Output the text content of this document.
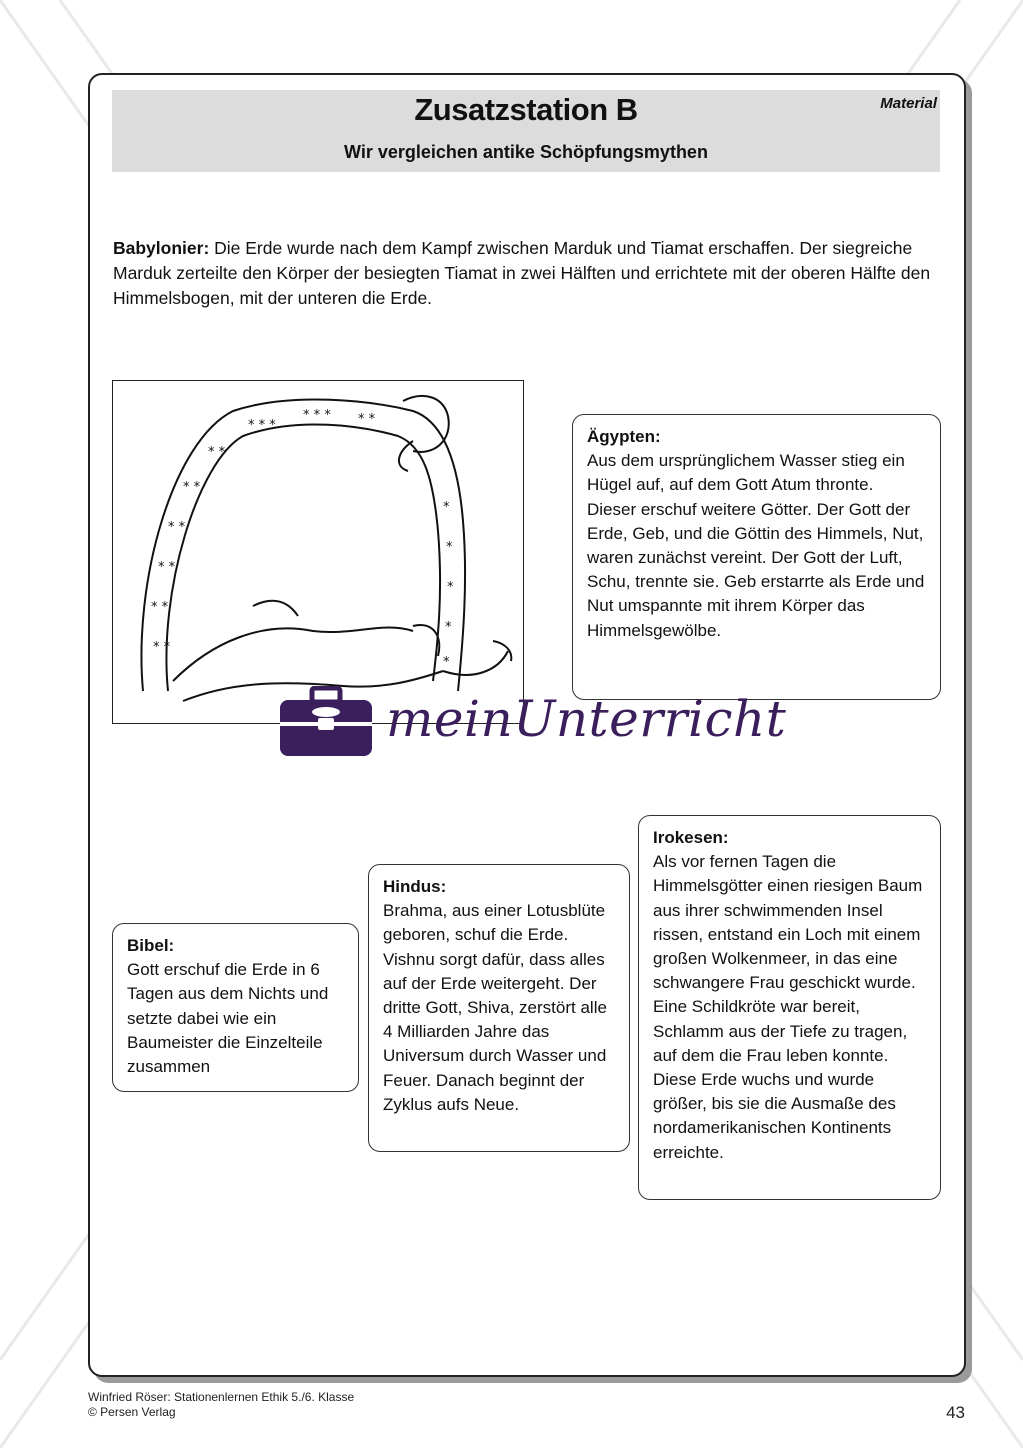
Zusatzstation B
Wir vergleichen antike Schöpfungsmythen
Material
Babylonier: Die Erde wurde nach dem Kampf zwischen Marduk und Tiamat erschaffen. Der siegreiche Marduk zerteilte den Körper der besiegten Tiamat in zwei Hälften und errichtete mit der oberen Hälfte den Himmelsbogen, mit der unteren die Erde.
* *
* *
* *
* *
* *
* *
* * *
* * * * *
*
*
*
*
*
Ägypten:
Aus dem ursprünglichem Wasser stieg ein Hügel auf, auf dem Gott Atum thronte. Dieser erschuf weitere Götter. Der Gott der Erde, Geb, und die Göttin des Himmels, Nut, waren zunächst vereint. Der Gott der Luft, Schu, trennte sie. Geb erstarrte als Erde und Nut umspannte mit ihrem Körper das Himmelsgewölbe.
Bibel:
Gott erschuf die Erde in 6 Tagen aus dem Nichts und setzte dabei wie ein Baumeister die Einzelteile zusammen
Hindus:
Brahma, aus einer Lotusblüte geboren, schuf die Erde. Vishnu sorgt dafür, dass alles auf der Erde weitergeht. Der dritte Gott, Shiva, zerstört alle 4 Milliarden Jahre das Universum durch Wasser und Feuer. Danach beginnt der Zyklus aufs Neue.
Irokesen:
Als vor fernen Tagen die Himmelsgötter einen riesigen Baum aus ihrer schwimmenden Insel rissen, entstand ein Loch mit einem großen Wolkenmeer, in das eine schwangere Frau geschickt wurde. Eine Schildkröte war bereit, Schlamm aus der Tiefe zu tragen, auf dem die Frau leben konnte. Diese Erde wuchs und wurde größer, bis sie die Ausmaße des nordamerikanischen Kontinents erreichte.
meinUnterricht
Winfried Röser: Stationenlernen Ethik 5./6. Klasse
© Persen Verlag	43
